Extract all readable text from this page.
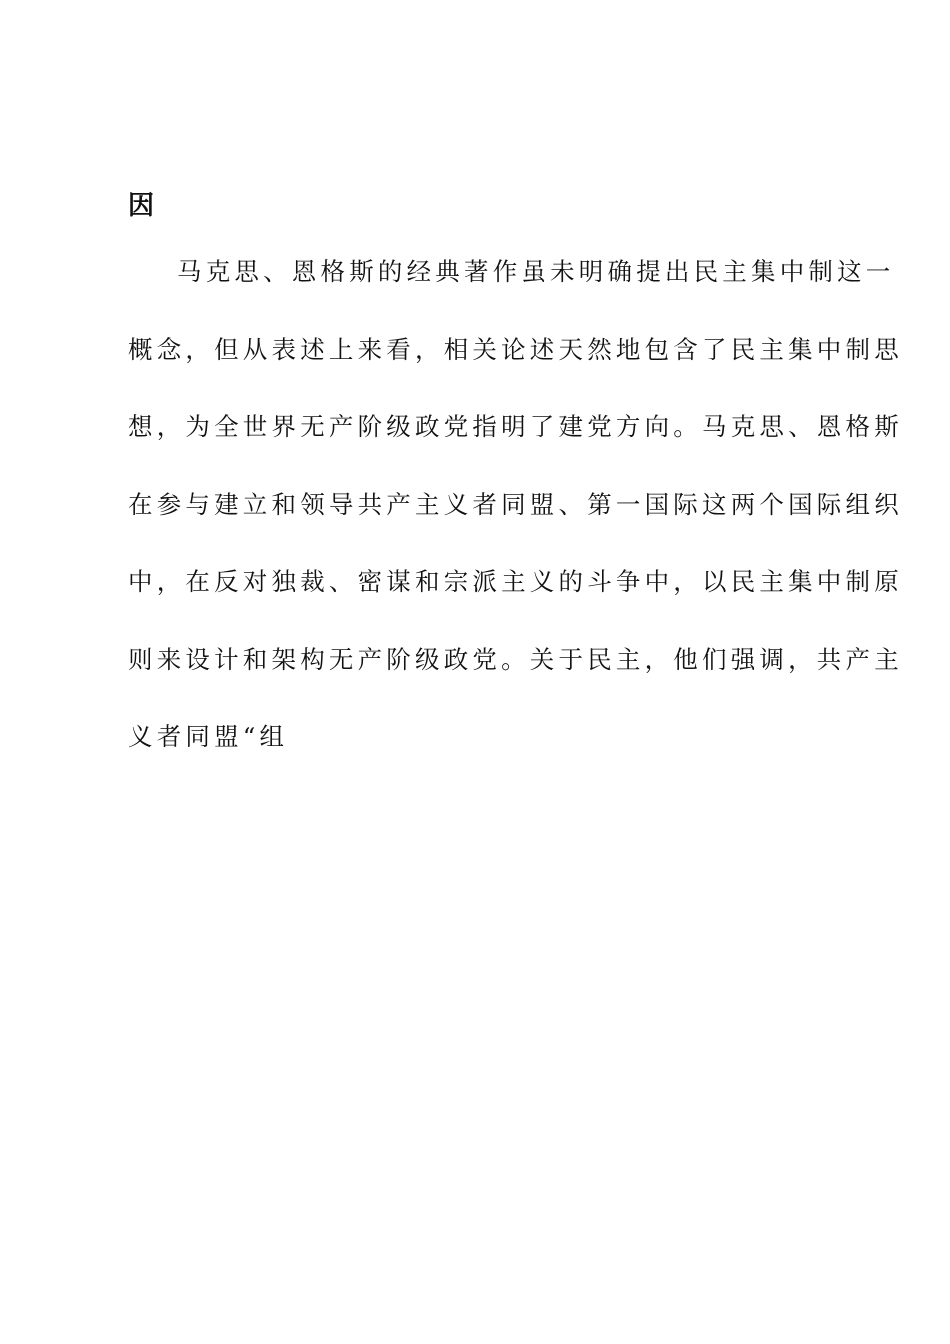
因
马克思、恩格斯的经典著作虽未明确提出民主集中制这一
概念，但从表述上来看，相关论述天然地包含了民主集中制思
想，为全世界无产阶级政党指明了建党方向。马克思、恩格斯
在参与建立和领导共产主义者同盟、第一国际这两个国际组织
中，在反对独裁、密谋和宗派主义的斗争中，以民主集中制原
则来设计和架构无产阶级政党。关于民主，他们强调，共产主
义者同盟“组
